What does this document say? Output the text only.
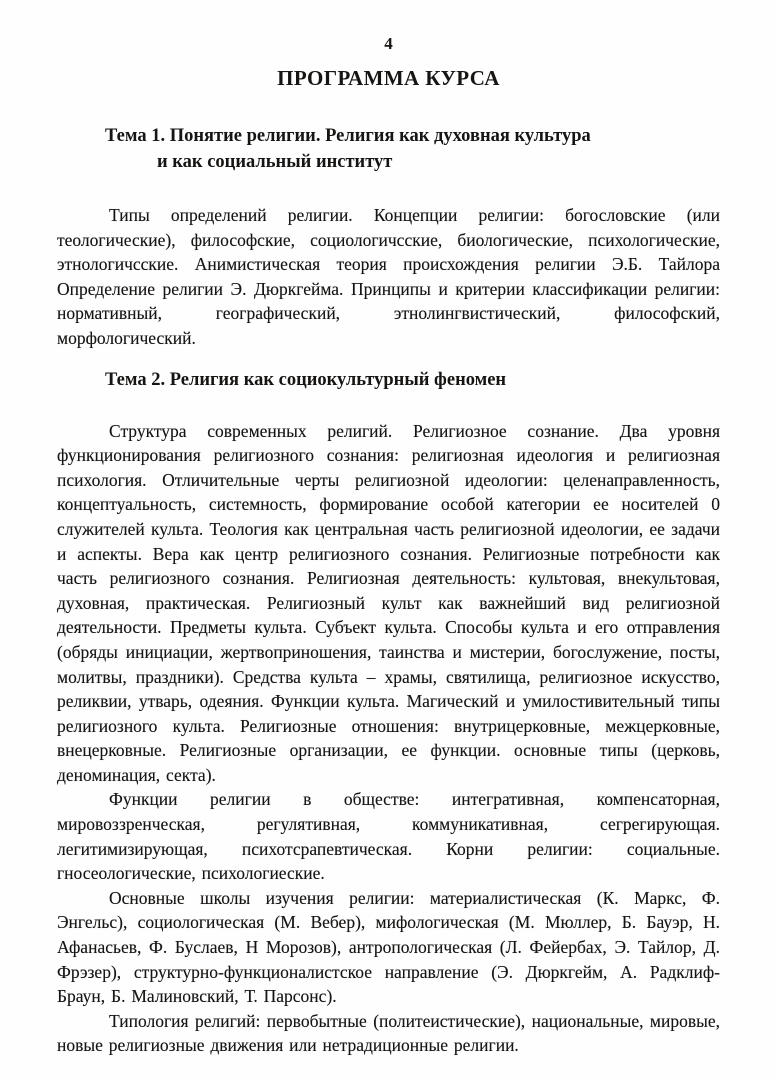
4
ПРОГРАММА КУРСА
Тема 1. Понятие религии. Религия как духовная культура
и как социальный институт

Типы определений религии. Концепции религии: богословские (или теологические), философские, социологичсские, биологические, психологические, этнологичсские. Анимистическая теория происхождения религии Э.Б. Тайлора Определение религии Э. Дюркгейма. Принципы и критерии классификации религии: нормативный, географический, этнолингвистический, философский, морфологический.

Тема 2. Религия как социокультурный феномен

Структура современных религий. Религиозное сознание. Два уровня функционирования религиозного сознания: религиозная идеология и религиозная психология. Отличительные черты религиозной идеологии: целенаправленность, концептуальность, системность, формирование особой категории ее носителей 0 служителей культа. Теология как центральная часть религиозной идеологии, ее задачи и аспекты. Вера как центр религиозного сознания. Религиозные потребности как часть религиозного сознания. Религиозная деятельность: культовая, внекультовая, духовная, практическая. Религиозный культ как важнейший вид религиозной деятельности. Предметы культа. Субъект культа. Способы культа и его отправления (обряды инициации, жертвоприношения, таинства и мистерии, богослужение, посты, молитвы, праздники). Средства культа – храмы, святилища, религиозное искусство, реликвии, утварь, одеяния. Функции культа. Магический и умилостивительный типы религиозного культа. Религиозные отношения: внутрицерковные, межцерковные, внецерковные. Религиозные организации, ее функции. основные типы (церковь, деноминация, секта).

Функции религии в обществе: интегративная, компенсаторная, мировоззренческая, регулятивная, коммуникативная, сегрегирующая. легитимизирующая, психотсрапевтическая. Корни религии: социальные. гносеологические, психологиеские.

Основные школы изучения религии: материалистическая (К. Маркс, Ф. Энгельс), социологическая (М. Вебер), мифологическая (М. Мюллер, Б. Бауэр, Н. Афанасьев, Ф. Буслаев, Н Морозов), антропологическая (Л. Фейербах, Э. Тайлор, Д. Фрэзер), структурно-функционалистское направление (Э. Дюркгейм, А. Радклиф-Браун, Б. Малиновский, Т. Парсонс).

Типология религий: первобытные (политеистические), национальные, мировые, новые религиозные движения или нетрадиционные религии.
